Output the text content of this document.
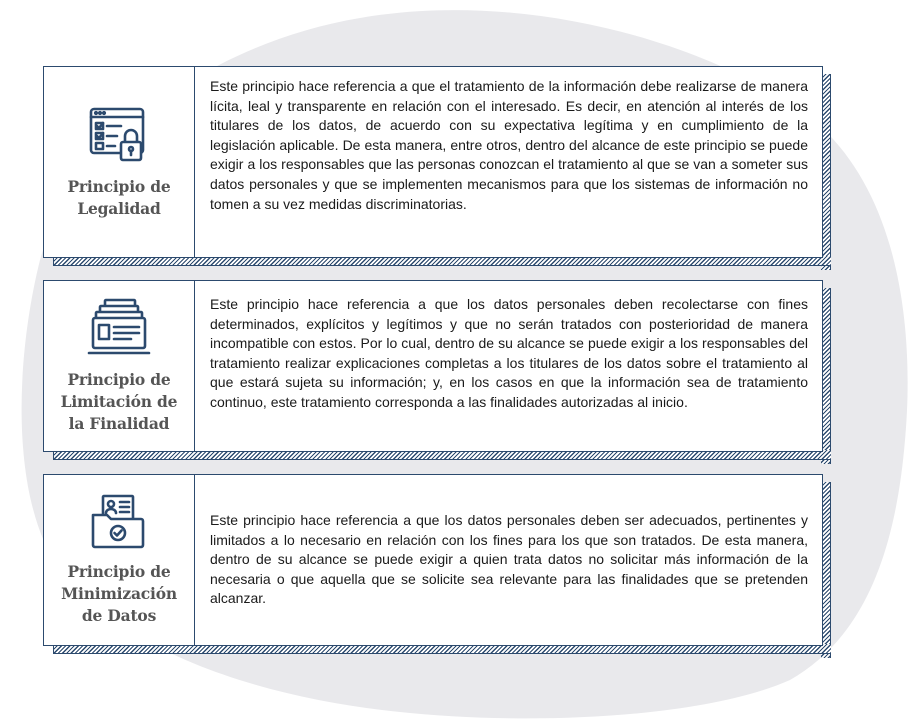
Principio de
Legalidad
Este principio hace referencia a que el tratamiento de la información debe realizarse de manera lícita, leal y transparente en relación con el interesado. Es decir, en atención al interés de los titulares de los datos, de acuerdo con su expectativa legítima y en cumplimiento de la legislación aplicable. De esta manera, entre otros, dentro del alcance de este principio se puede exigir a los responsables que las personas conozcan el tratamiento al que se van a someter sus datos personales y que se implementen mecanismos para que los sistemas de información no tomen a su vez medidas discriminatorias.
Principio de
Limitación de
la Finalidad
Este principio hace referencia a que los datos personales deben recolectarse con fines determinados, explícitos y legítimos y que no serán tratados con posterioridad de manera incompatible con estos. Por lo cual, dentro de su alcance se puede exigir a los responsables del tratamiento realizar explicaciones completas a los titulares de los datos sobre el tratamiento al que estará sujeta su información; y, en los casos en que la información sea de tratamiento continuo, este tratamiento corresponda a las finalidades autorizadas al inicio.
Principio de
Minimización
de Datos
Este principio hace referencia a que los datos personales deben ser adecuados, pertinentes y limitados a lo necesario en relación con los fines para los que son tratados. De esta manera, dentro de su alcance se puede exigir a quien trata datos no solicitar más información de la necesaria o que aquella que se solicite sea relevante para las finalidades que se pretenden alcanzar.
